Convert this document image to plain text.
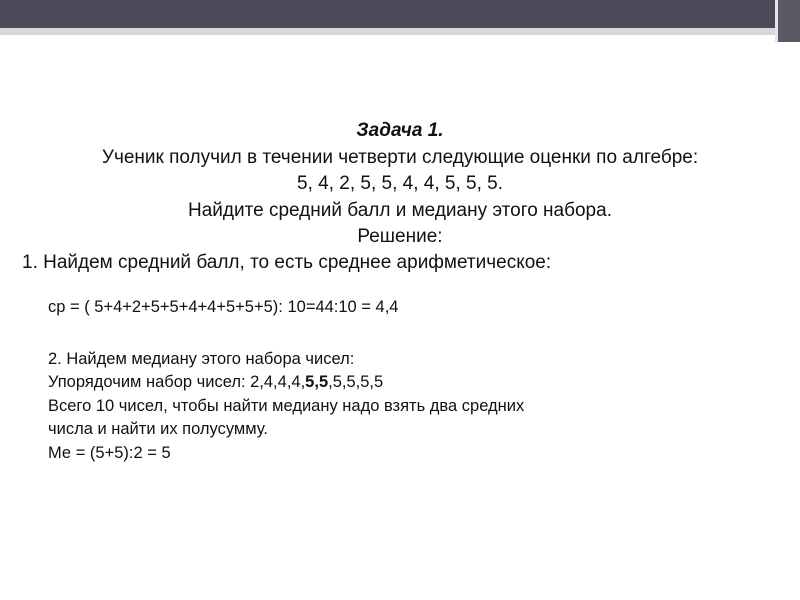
Задача 1.
Ученик получил в течении четверти следующие оценки по алгебре:
5, 4, 2, 5, 5, 4, 4, 5, 5, 5.
Найдите средний балл и медиану этого набора.
Решение:
1. Найдем средний балл, то есть среднее арифметическое:
ср = ( 5+4+2+5+5+4+4+5+5+5): 10=44:10 = 4,4
2. Найдем медиану этого набора чисел:
Упорядочим набор чисел: 2,4,4,4,5,5,5,5,5,5
Всего 10 чисел, чтобы найти медиану надо взять два средних
числа и найти их полусумму.
Ме = (5+5):2 = 5
